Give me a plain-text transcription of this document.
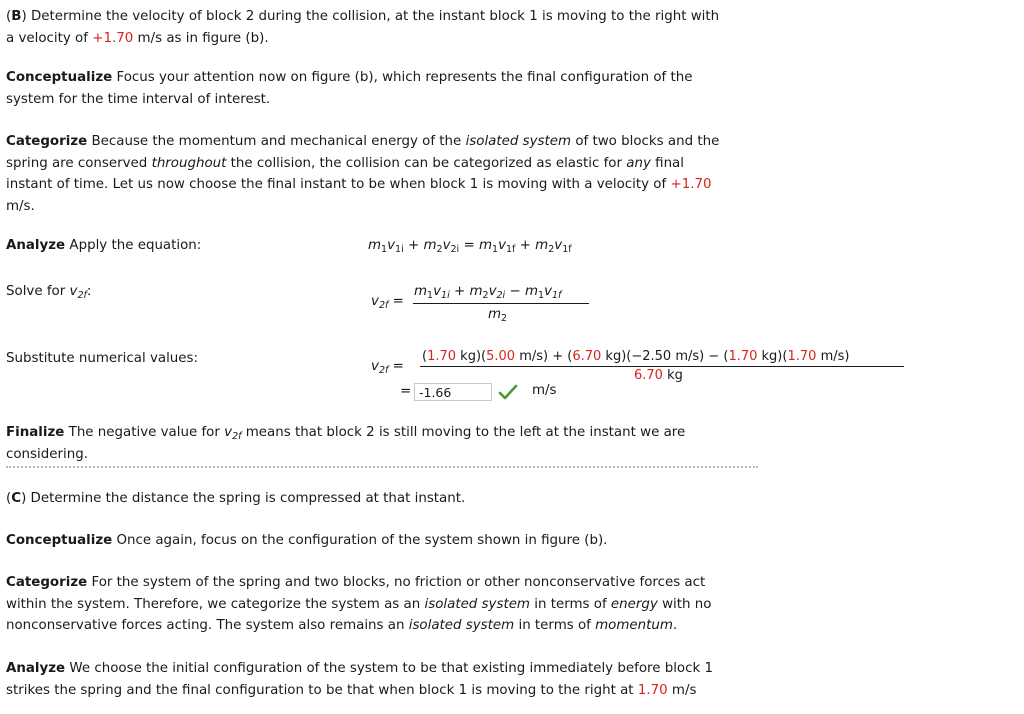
(B) Determine the velocity of block 2 during the collision, at the instant block 1 is moving to the right with
a velocity of +1.70 m/s as in figure (b).
Conceptualize Focus your attention now on figure (b), which represents the final configuration of the
system for the time interval of interest.
Categorize Because the momentum and mechanical energy of the isolated system of two blocks and the
spring are conserved throughout the collision, the collision can be categorized as elastic for any final
instant of time. Let us now choose the final instant to be when block 1 is moving with a velocity of +1.70
m/s.
Analyze Apply the equation:	$m_1v_{1i} + m_2v_{2i} = m_1v_{1f} + m_2v_{1f}$
Solve for $v_{2f}$:
$v_{2f}$ =
$m_1v_{1i} + m_2v_{2i} - m_1v_{1f}$
$m_2$
Substitute numerical values:
$v_{2f}$ =
(1.70 kg)(5.00 m/s) + (6.70 kg)(−2.50 m/s) − (1.70 kg)(1.70 m/s)
6.70 kg
=
-1.66	m/s
Finalize The negative value for $v_{2f}$ means that block 2 is still moving to the left at the instant we are
considering.
(C) Determine the distance the spring is compressed at that instant.
Conceptualize Once again, focus on the configuration of the system shown in figure (b).
Categorize For the system of the spring and two blocks, no friction or other nonconservative forces act
within the system. Therefore, we categorize the system as an isolated system in terms of energy with no
nonconservative forces acting. The system also remains an isolated system in terms of momentum.
Analyze We choose the initial configuration of the system to be that existing immediately before block 1
strikes the spring and the final configuration to be that when block 1 is moving to the right at 1.70 m/s
